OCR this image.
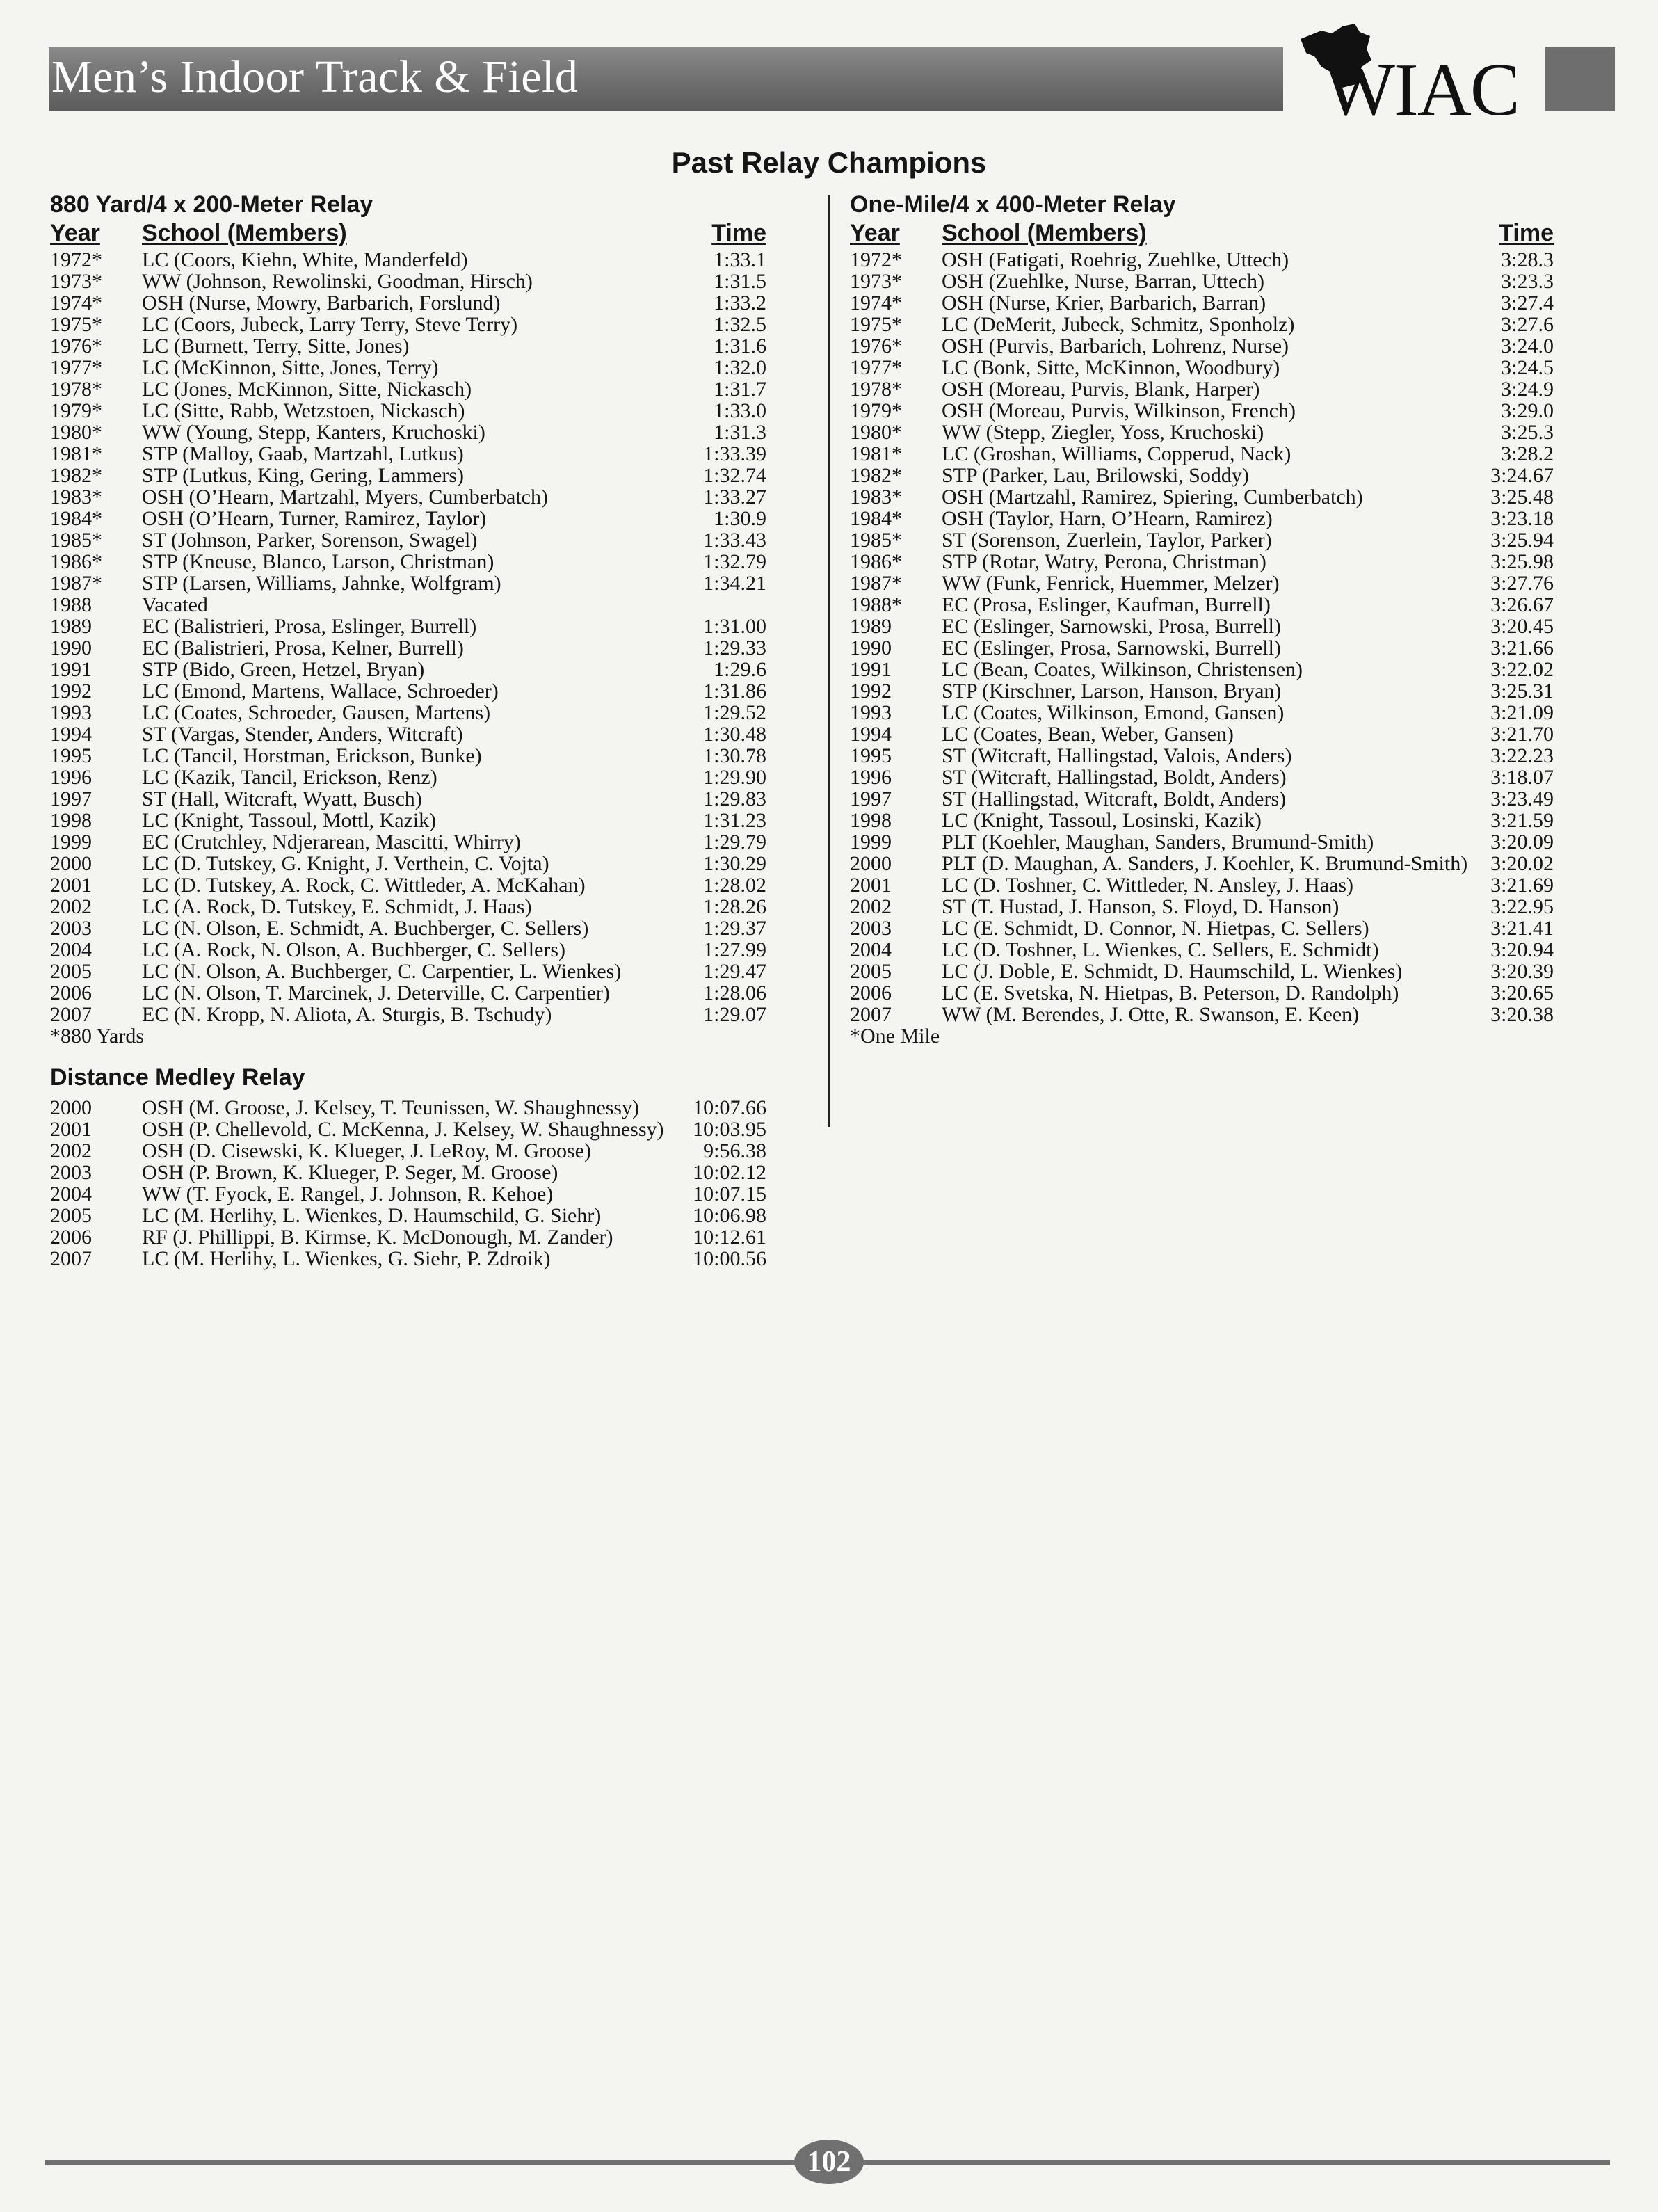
Men’s Indoor Track & Field	WIAC
Past Relay Champions
880 Yard/4 x 200-Meter Relay
Year School (Members)	Time
1972* LC (Coors, Kiehn, White, Manderfeld)	1:33.1
1973* WW (Johnson, Rewolinski, Goodman, Hirsch)	1:31.5
1974* OSH (Nurse, Mowry, Barbarich, Forslund)	1:33.2
1975* LC (Coors, Jubeck, Larry Terry, Steve Terry)	1:32.5
1976* LC (Burnett, Terry, Sitte, Jones)	1:31.6
1977* LC (McKinnon, Sitte, Jones, Terry)	1:32.0
1978* LC (Jones, McKinnon, Sitte, Nickasch)	1:31.7
1979* LC (Sitte, Rabb, Wetzstoen, Nickasch)	1:33.0
1980* WW (Young, Stepp, Kanters, Kruchoski)	1:31.3
1981* STP (Malloy, Gaab, Martzahl, Lutkus)	1:33.39
1982* STP (Lutkus, King, Gering, Lammers)	1:32.74
1983* OSH (O’Hearn, Martzahl, Myers, Cumberbatch)	1:33.27
1984* OSH (O’Hearn, Turner, Ramirez, Taylor)	1:30.9
1985* ST (Johnson, Parker, Sorenson, Swagel)	1:33.43
1986* STP (Kneuse, Blanco, Larson, Christman)	1:32.79
1987* STP (Larsen, Williams, Jahnke, Wolfgram)	1:34.21
1988 Vacated
1989 EC (Balistrieri, Prosa, Eslinger, Burrell)	1:31.00
1990 EC (Balistrieri, Prosa, Kelner, Burrell)	1:29.33
1991 STP (Bido, Green, Hetzel, Bryan)	1:29.6
1992 LC (Emond, Martens, Wallace, Schroeder)	1:31.86
1993 LC (Coates, Schroeder, Gausen, Martens)	1:29.52
1994 ST (Vargas, Stender, Anders, Witcraft)	1:30.48
1995 LC (Tancil, Horstman, Erickson, Bunke)	1:30.78
1996 LC (Kazik, Tancil, Erickson, Renz)	1:29.90
1997 ST (Hall, Witcraft, Wyatt, Busch)	1:29.83
1998 LC (Knight, Tassoul, Mottl, Kazik)	1:31.23
1999 EC (Crutchley, Ndjerarean, Mascitti, Whirry)	1:29.79
2000 LC (D. Tutskey, G. Knight, J. Verthein, C. Vojta)	1:30.29
2001 LC (D. Tutskey, A. Rock, C. Wittleder, A. McKahan)	1:28.02
2002 LC (A. Rock, D. Tutskey, E. Schmidt, J. Haas)	1:28.26
2003 LC (N. Olson, E. Schmidt, A. Buchberger, C. Sellers)	1:29.37
2004 LC (A. Rock, N. Olson, A. Buchberger, C. Sellers)	1:27.99
2005 LC (N. Olson, A. Buchberger, C. Carpentier, L. Wienkes)	1:29.47
2006 LC (N. Olson, T. Marcinek, J. Deterville, C. Carpentier)	1:28.06
2007 EC (N. Kropp, N. Aliota, A. Sturgis, B. Tschudy)	1:29.07
*880 Yards
Distance Medley Relay
2000 OSH (M. Groose, J. Kelsey, T. Teunissen, W. Shaughnessy)	10:07.66
2001 OSH (P. Chellevold, C. McKenna, J. Kelsey, W. Shaughnessy) 10:03.95
2002 OSH (D. Cisewski, K. Klueger, J. LeRoy, M. Groose)	9:56.38
2003 OSH (P. Brown, K. Klueger, P. Seger, M. Groose)	10:02.12
2004 WW (T. Fyock, E. Rangel, J. Johnson, R. Kehoe)	10:07.15
2005 LC (M. Herlihy, L. Wienkes, D. Haumschild, G. Siehr)	10:06.98
2006 RF (J. Phillippi, B. Kirmse, K. McDonough, M. Zander)	10:12.61
2007 LC (M. Herlihy, L. Wienkes, G. Siehr, P. Zdroik)	10:00.56
One-Mile/4 x 400-Meter Relay
Year School (Members)	Time
1972* OSH (Fatigati, Roehrig, Zuehlke, Uttech)	3:28.3
1973* OSH (Zuehlke, Nurse, Barran, Uttech)	3:23.3
1974* OSH (Nurse, Krier, Barbarich, Barran)	3:27.4
1975* LC (DeMerit, Jubeck, Schmitz, Sponholz)	3:27.6
1976* OSH (Purvis, Barbarich, Lohrenz, Nurse)	3:24.0
1977* LC (Bonk, Sitte, McKinnon, Woodbury)	3:24.5
1978* OSH (Moreau, Purvis, Blank, Harper)	3:24.9
1979* OSH (Moreau, Purvis, Wilkinson, French)	3:29.0
1980* WW (Stepp, Ziegler, Yoss, Kruchoski)	3:25.3
1981* LC (Groshan, Williams, Copperud, Nack)	3:28.2
1982* STP (Parker, Lau, Brilowski, Soddy)	3:24.67
1983* OSH (Martzahl, Ramirez, Spiering, Cumberbatch)	3:25.48
1984* OSH (Taylor, Harn, O’Hearn, Ramirez)	3:23.18
1985* ST (Sorenson, Zuerlein, Taylor, Parker)	3:25.94
1986* STP (Rotar, Watry, Perona, Christman)	3:25.98
1987* WW (Funk, Fenrick, Huemmer, Melzer)	3:27.76
1988* EC (Prosa, Eslinger, Kaufman, Burrell)	3:26.67
1989 EC (Eslinger, Sarnowski, Prosa, Burrell)	3:20.45
1990 EC (Eslinger, Prosa, Sarnowski, Burrell)	3:21.66
1991 LC (Bean, Coates, Wilkinson, Christensen)	3:22.02
1992 STP (Kirschner, Larson, Hanson, Bryan)	3:25.31
1993 LC (Coates, Wilkinson, Emond, Gansen)	3:21.09
1994 LC (Coates, Bean, Weber, Gansen)	3:21.70
1995 ST (Witcraft, Hallingstad, Valois, Anders)	3:22.23
1996 ST (Witcraft, Hallingstad, Boldt, Anders)	3:18.07
1997 ST (Hallingstad, Witcraft, Boldt, Anders)	3:23.49
1998 LC (Knight, Tassoul, Losinski, Kazik)	3:21.59
1999 PLT (Koehler, Maughan, Sanders, Brumund-Smith)	3:20.09
2000 PLT (D. Maughan, A. Sanders, J. Koehler, K. Brumund-Smith) 3:20.02
2001 LC (D. Toshner, C. Wittleder, N. Ansley, J. Haas)	3:21.69
2002 ST (T. Hustad, J. Hanson, S. Floyd, D. Hanson)	3:22.95
2003 LC (E. Schmidt, D. Connor, N. Hietpas, C. Sellers)	3:21.41
2004 LC (D. Toshner, L. Wienkes, C. Sellers, E. Schmidt)	3:20.94
2005 LC (J. Doble, E. Schmidt, D. Haumschild, L. Wienkes)	3:20.39
2006 LC (E. Svetska, N. Hietpas, B. Peterson, D. Randolph)	3:20.65
2007 WW (M. Berendes, J. Otte, R. Swanson, E. Keen)	3:20.38
*One Mile
102
